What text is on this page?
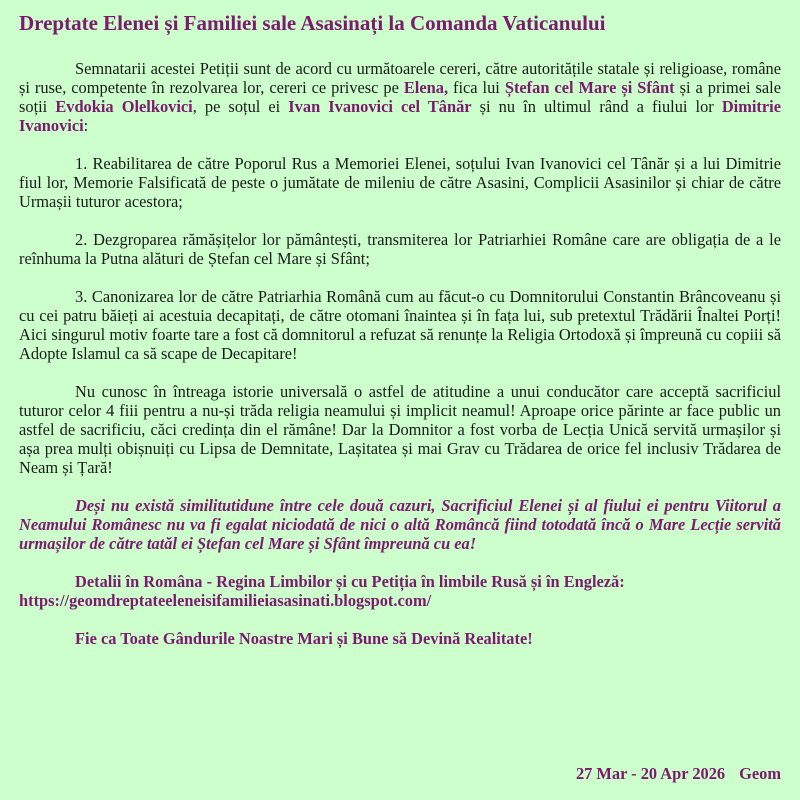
Dreptate Elenei și Familiei sale Asasinați la Comanda Vaticanului

Semnatarii acestei Petiții sunt de acord cu următoarele cereri, către autoritățile statale și religioase, române și ruse, competente în rezolvarea lor, cereri ce privesc pe Elena, fica lui Ștefan cel Mare și Sfânt și a primei sale soții Evdokia Olelkovici, pe soțul ei Ivan Ivanovici cel Tânăr și nu în ultimul rând a fiului lor Dimitrie Ivanovici:

1. Reabilitarea de către Poporul Rus a Memoriei Elenei, soțului Ivan Ivanovici cel Tânăr și a lui Dimitrie fiul lor, Memorie Falsificată de peste o jumătate de mileniu de către Asasini, Complicii Asasinilor și chiar de către Urmașii tuturor acestora;

2. Dezgroparea rămășițelor lor pământești, transmiterea lor Patriarhiei Române care are obligația de a le reînhuma la Putna alături de Ștefan cel Mare și Sfânt;

3. Canonizarea lor de către Patriarhia Română cum au făcut-o cu Domnitorului Constantin Brâncoveanu și cu cei patru băieți ai acestuia decapitați, de către otomani înaintea și în fața lui, sub pretextul Trădării Înaltei Porți! Aici singurul motiv foarte tare a fost că domnitorul a refuzat să renunțe la Religia Ortodoxă și împreună cu copiii să Adopte Islamul ca să scape de Decapitare!

Nu cunosc în întreaga istorie universală o astfel de atitudine a unui conducător care acceptă sacrificiul tuturor celor 4 fiii pentru a nu-și trăda religia neamului și implicit neamul! Aproape orice părinte ar face public un astfel de sacrificiu, căci credința din el rămâne! Dar la Domnitor a fost vorba de Lecția Unică servită urmașilor și așa prea mulți obișnuiți cu Lipsa de Demnitate, Lașitatea și mai Grav cu Trădarea de orice fel inclusiv Trădarea de Neam și Țară!

Deși nu există similitutidune între cele două cazuri, Sacrificiul Elenei și al fiului ei pentru Viitorul a Neamului Românesc nu va fi egalat niciodată de nici o altă Româncă fiind totodată încă o Mare Lecție servită urmașilor de către tatăl ei Ștefan cel Mare și Sfânt împreună cu ea!

Detalii în Româna - Regina Limbilor și cu Petiția în limbile Rusă și în Engleză:

https://geomdreptateeleneisifamilieiasasinati.blogspot.com/

Fie ca Toate Gândurile Noastre Mari și Bune să Devină Realitate!

27 Mar - 20 Apr 2026 Geom
